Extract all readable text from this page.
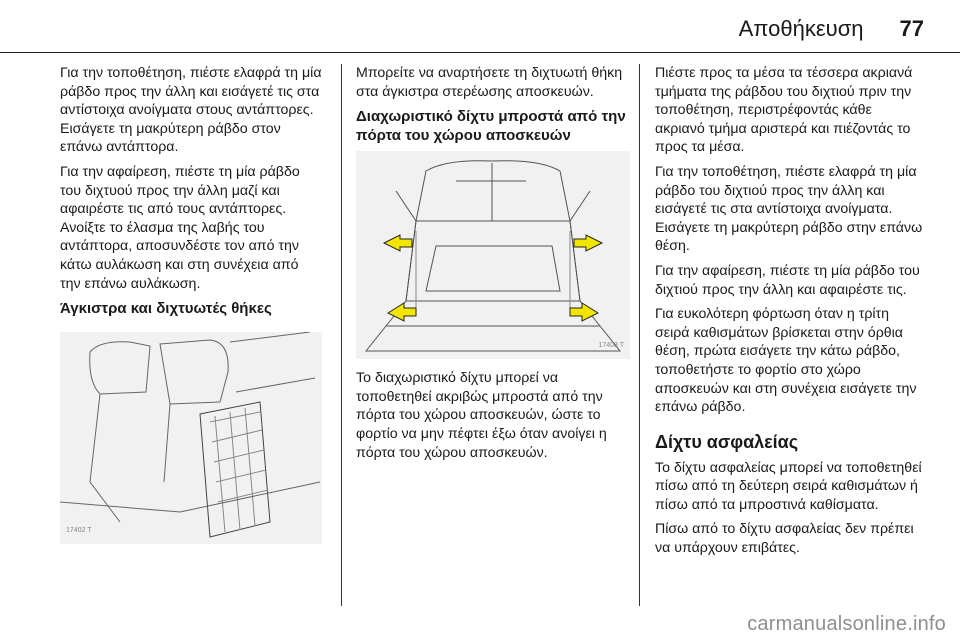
Αποθήκευση 77

Για την τοποθέτηση, πιέστε ελαφρά τη μία ράβδο προς την άλλη και εισάγετέ τις στα αντίστοιχα ανοίγματα στους αντάπτορες. Εισάγετε τη μακρύτερη ράβδο στον επάνω αντάπτορα.

Για την αφαίρεση, πιέστε τη μία ράβδο του διχτυού προς την άλλη μαζί και αφαιρέστε τις από τους αντάπτορες. Ανοίξτε το έλασμα της λαβής του αντάπτορα, αποσυνδέστε τον από την κάτω αυλάκωση και στη συνέχεια από την επάνω αυλάκωση.

Άγκιστρα και διχτυωτές θήκες
17402 T

Μπορείτε να αναρτήσετε τη διχτυωτή θήκη στα άγκιστρα στερέωσης αποσκευών.

Διαχωριστικό δίχτυ μπροστά από την πόρτα του χώρου αποσκευών
17403 T

Το διαχωριστικό δίχτυ μπορεί να τοποθετηθεί ακριβώς μπροστά από την πόρτα του χώρου αποσκευών, ώστε το φορτίο να μην πέφτει έξω όταν ανοίγει η πόρτα του χώρου αποσκευών.

Πιέστε προς τα μέσα τα τέσσερα ακριανά τμήματα της ράβδου του διχτιού πριν την τοποθέτηση, περιστρέφοντάς κάθε ακριανό τμήμα αριστερά και πιέζοντάς το προς τα μέσα.

Για την τοποθέτηση, πιέστε ελαφρά τη μία ράβδο του διχτιού προς την άλλη και εισάγετέ τις στα αντίστοιχα ανοίγματα. Εισάγετε τη μακρύτερη ράβδο στην επάνω θέση.

Για την αφαίρεση, πιέστε τη μία ράβδο του διχτιού προς την άλλη και αφαιρέστε τις.

Για ευκολότερη φόρτωση όταν η τρίτη σειρά καθισμάτων βρίσκεται στην όρθια θέση, πρώτα εισάγετε την κάτω ράβδο, τοποθετήστε το φορτίο στο χώρο αποσκευών και στη συνέχεια εισάγετε την επάνω ράβδο.

Δίχτυ ασφαλείας

Το δίχτυ ασφαλείας μπορεί να τοποθετηθεί πίσω από τη δεύτερη σειρά καθισμάτων ή πίσω από τα μπροστινά καθίσματα.

Πίσω από το δίχτυ ασφαλείας δεν πρέπει να υπάρχουν επιβάτες.

carmanualsonline.info
